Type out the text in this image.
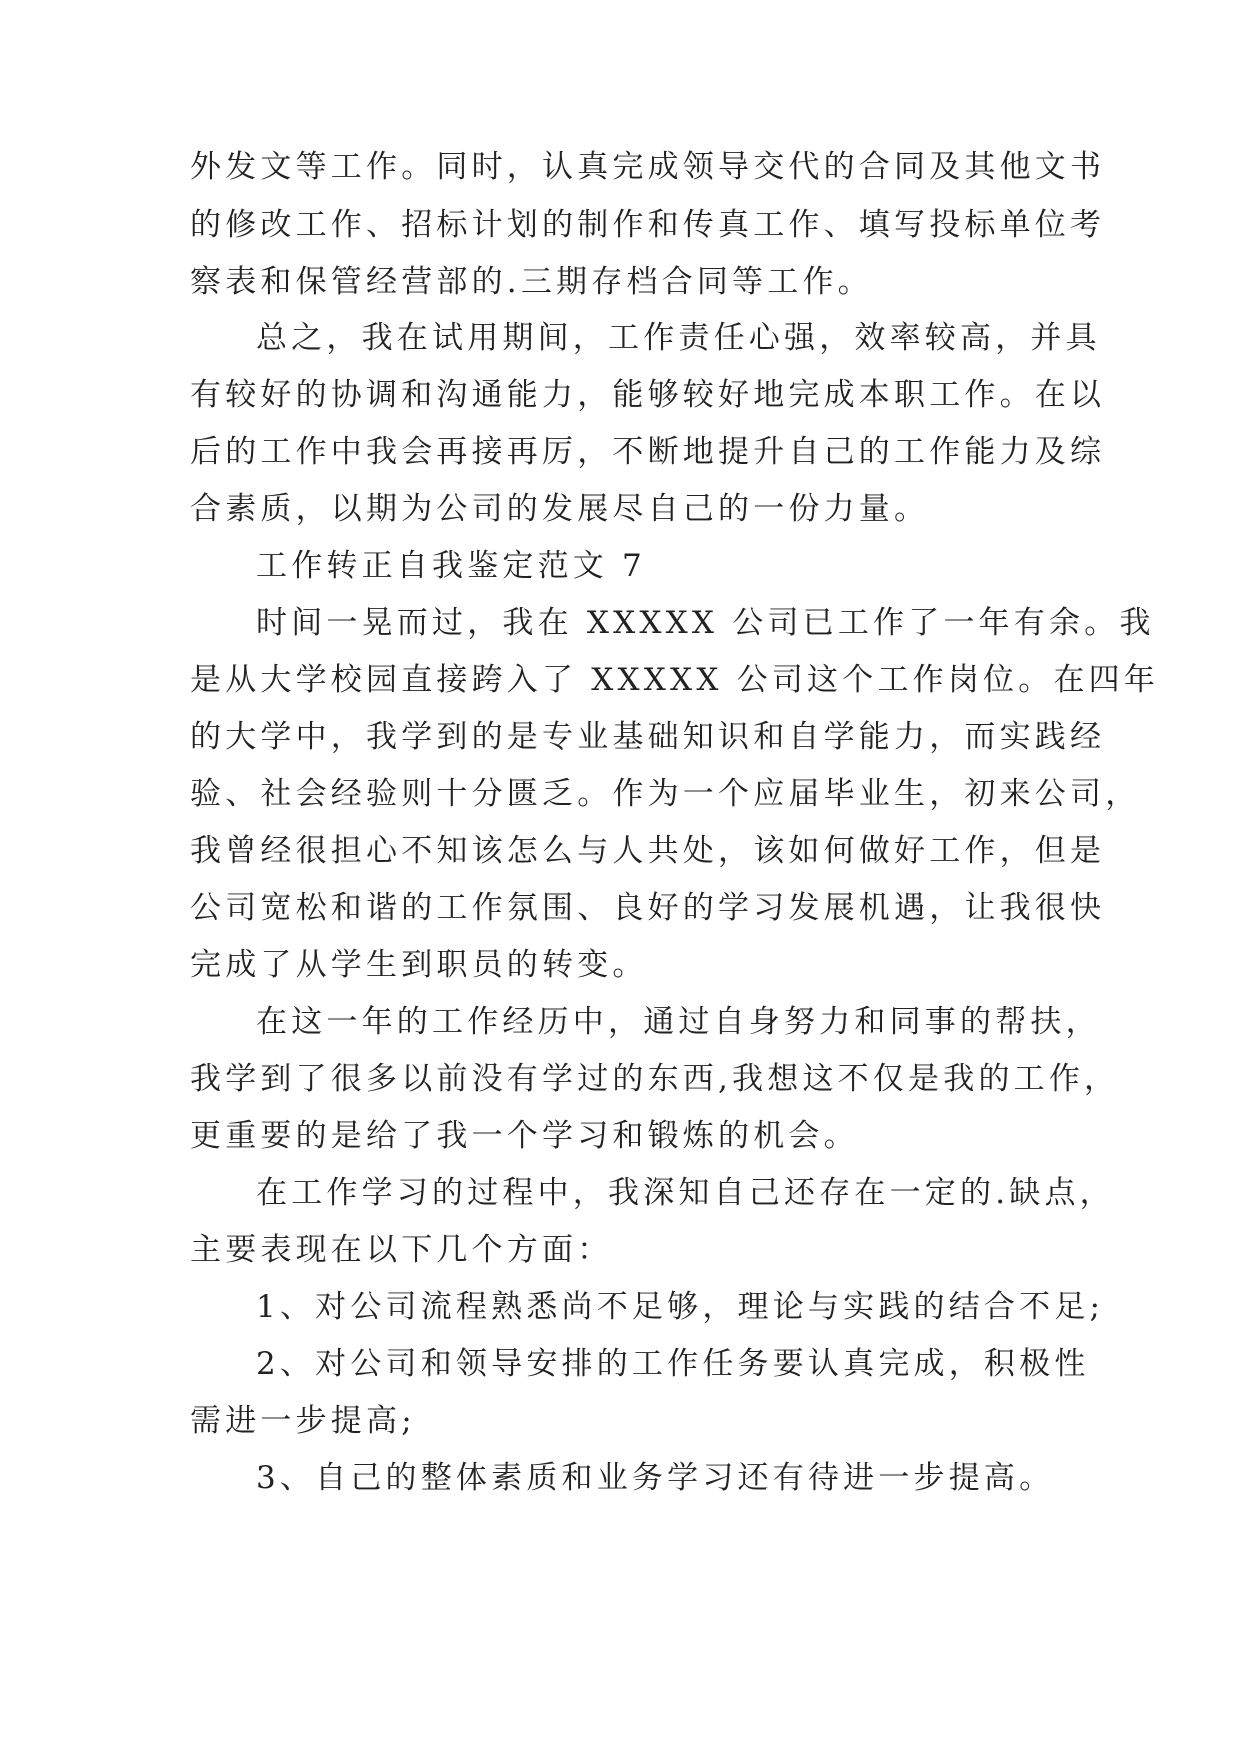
外发文等工作。同时，认真完成领导交代的合同及其他文书
的修改工作、招标计划的制作和传真工作、填写投标单位考
察表和保管经营部的.三期存档合同等工作。
总之，我在试用期间，工作责任心强，效率较高，并具
有较好的协调和沟通能力，能够较好地完成本职工作。在以
后的工作中我会再接再厉，不断地提升自己的工作能力及综
合素质，以期为公司的发展尽自己的一份力量。
工作转正自我鉴定范文 7
时间一晃而过，我在 XXXXX 公司已工作了一年有余。我
是从大学校园直接跨入了 XXXXX 公司这个工作岗位。在四年
的大学中，我学到的是专业基础知识和自学能力，而实践经
验、社会经验则十分匮乏。作为一个应届毕业生，初来公司，
我曾经很担心不知该怎么与人共处，该如何做好工作，但是
公司宽松和谐的工作氛围、良好的学习发展机遇，让我很快
完成了从学生到职员的转变。
在这一年的工作经历中，通过自身努力和同事的帮扶，
我学到了很多以前没有学过的东西,我想这不仅是我的工作，
更重要的是给了我一个学习和锻炼的机会。
在工作学习的过程中，我深知自己还存在一定的.缺点，
主要表现在以下几个方面：
1、对公司流程熟悉尚不足够，理论与实践的结合不足;
2、对公司和领导安排的工作任务要认真完成，积极性
需进一步提高;
3、自己的整体素质和业务学习还有待进一步提高。
